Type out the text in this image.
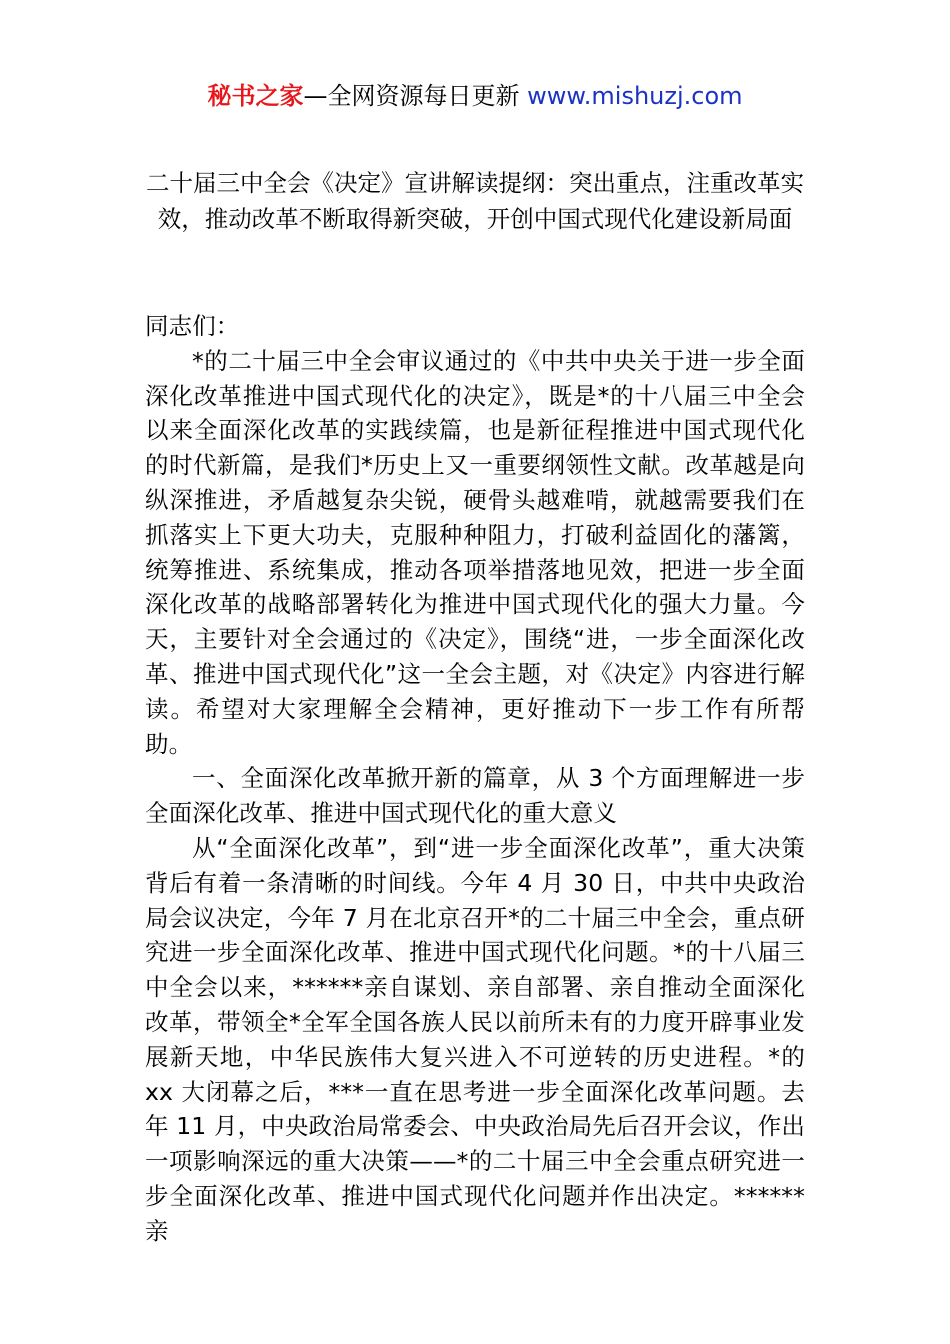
秘书之家—全网资源每日更新 www.mishuzj.com
二十届三中全会《决定》宣讲解读提纲：突出重点，注重改革实效，推动改革不断取得新突破，开创中国式现代化建设新局面

同志们：

*的二十届三中全会审议通过的《中共中央关于进一步全面深化改革推进中国式现代化的决定》，既是*的十八届三中全会以来全面深化改革的实践续篇，也是新征程推进中国式现代化的时代新篇，是我们*历史上又一重要纲领性文献。改革越是向纵深推进，矛盾越复杂尖锐，硬骨头越难啃，就越需要我们在抓落实上下更大功夫，克服种种阻力，打破利益固化的藩篱，统筹推进、系统集成，推动各项举措落地见效，把进一步全面深化改革的战略部署转化为推进中国式现代化的强大力量。今天，主要针对全会通过的《决定》，围绕“进，一步全面深化改革、推进中国式现代化”这一全会主题，对《决定》内容进行解读。希望对大家理解全会精神，更好推动下一步工作有所帮助。

一、全面深化改革掀开新的篇章，从 3 个方面理解进一步全面深化改革、推进中国式现代化的重大意义

从“全面深化改革”，到“进一步全面深化改革”，重大决策背后有着一条清晰的时间线。今年 4 月 30 日，中共中央政治局会议决定，今年 7 月在北京召开*的二十届三中全会，重点研究进一步全面深化改革、推进中国式现代化问题。*的十八届三中全会以来，******亲自谋划、亲自部署、亲自推动全面深化改革，带领全*全军全国各族人民以前所未有的力度开辟事业发展新天地，中华民族伟大复兴进入不可逆转的历史进程。*的 xx 大闭幕之后，***一直在思考进一步全面深化改革问题。去年 11 月，中央政治局常委会、中央政治局先后召开会议，作出一项影响深远的重大决策——*的二十届三中全会重点研究进一步全面深化改革、推进中国式现代化问题并作出决定。******亲
